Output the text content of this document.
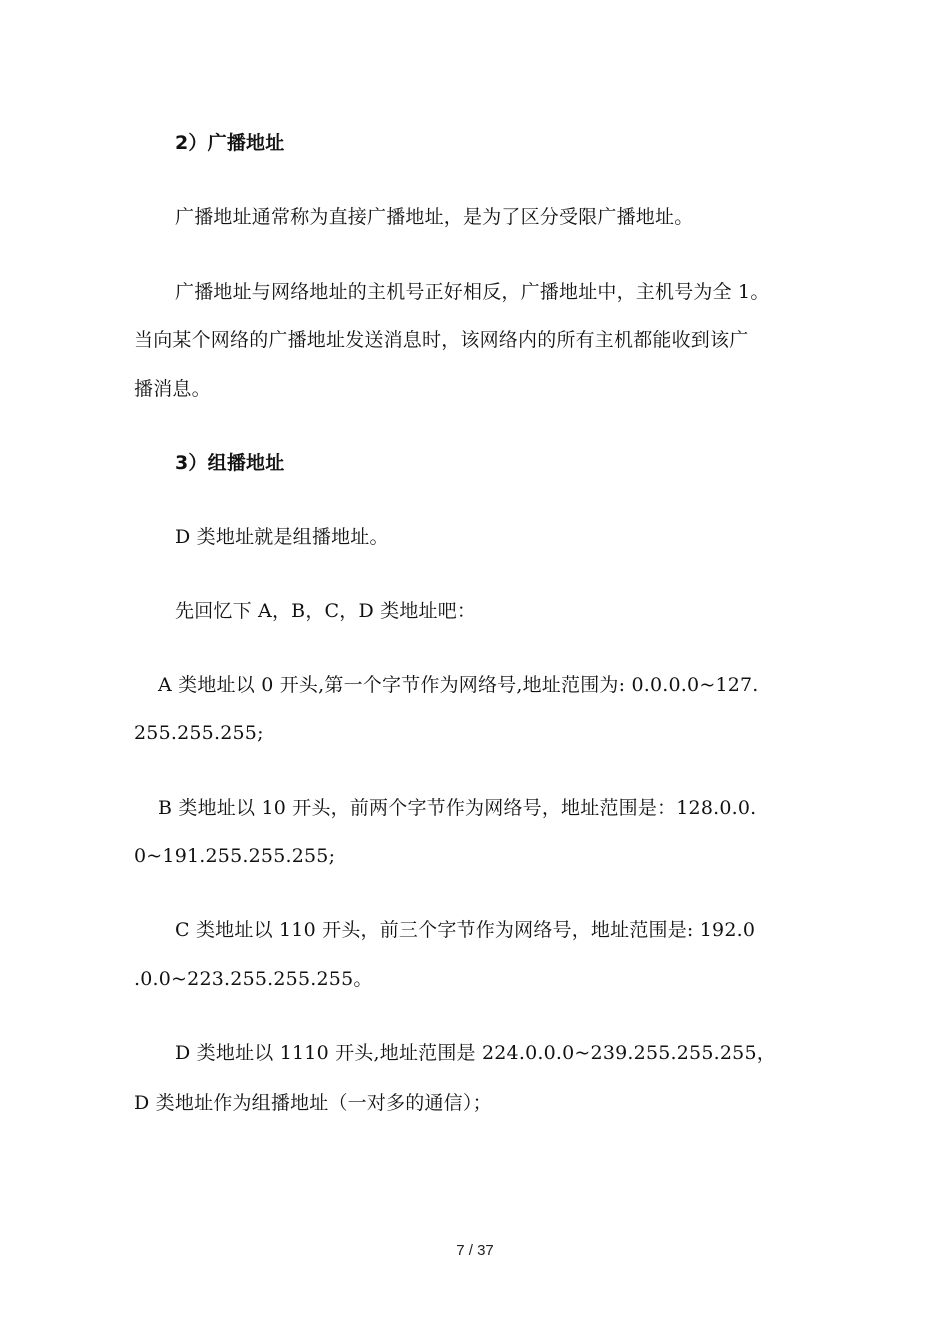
2）广播地址
广播地址通常称为直接广播地址，是为了区分受限广播地址。
广播地址与网络地址的主机号正好相反，广播地址中，主机号为全 1。
当向某个网络的广播地址发送消息时，该网络内的所有主机都能收到该广
播消息。
3）组播地址
D 类地址就是组播地址。
先回忆下 A，B，C，D 类地址吧：
A 类地址以 0 开头,第一个字节作为网络号,地址范围为: 0.0.0.0~127.
255.255.255;
B 类地址以 10 开头，前两个字节作为网络号，地址范围是：128.0.0.
0~191.255.255.255;
C 类地址以 110 开头，前三个字节作为网络号，地址范围是: 192.0
.0.0~223.255.255.255。
D 类地址以 1110 开头,地址范围是 224.0.0.0~239.255.255.255，
D 类地址作为组播地址（一对多的通信）；
7 / 37
